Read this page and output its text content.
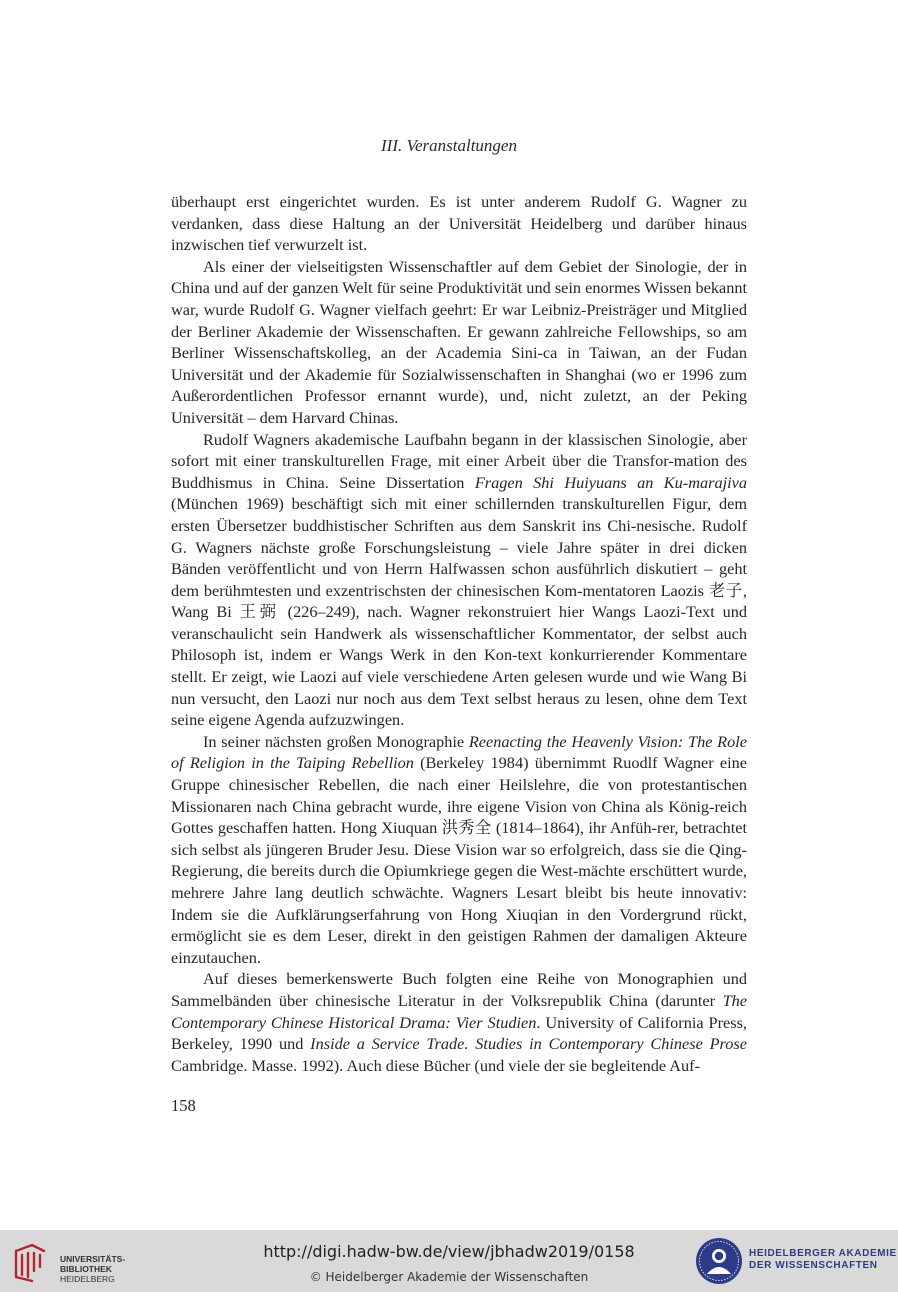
III. Veranstaltungen

überhaupt erst eingerichtet wurden. Es ist unter anderem Rudolf G. Wagner zu verdanken, dass diese Haltung an der Universität Heidelberg und darüber hinaus inzwischen tief verwurzelt ist.

Als einer der vielseitigsten Wissenschaftler auf dem Gebiet der Sinologie, der in China und auf der ganzen Welt für seine Produktivität und sein enormes Wissen bekannt war, wurde Rudolf G. Wagner vielfach geehrt: Er war Leibniz-Preisträger und Mitglied der Berliner Akademie der Wissenschaften. Er gewann zahlreiche Fellowships, so am Berliner Wissenschaftskolleg, an der Academia Sini-ca in Taiwan, an der Fudan Universität und der Akademie für Sozialwissenschaften in Shanghai (wo er 1996 zum Außerordentlichen Professor ernannt wurde), und, nicht zuletzt, an der Peking Universität – dem Harvard Chinas.

Rudolf Wagners akademische Laufbahn begann in der klassischen Sinologie, aber sofort mit einer transkulturellen Frage, mit einer Arbeit über die Transfor-mation des Buddhismus in China. Seine Dissertation Fragen Shi Huiyuans an Ku-marajiva (München 1969) beschäftigt sich mit einer schillernden transkulturellen Figur, dem ersten Übersetzer buddhistischer Schriften aus dem Sanskrit ins Chi-nesische. Rudolf G. Wagners nächste große Forschungsleistung – viele Jahre später in drei dicken Bänden veröffentlicht und von Herrn Halfwassen schon ausführlich diskutiert – geht dem berühmtesten und exzentrischsten der chinesischen Kom-mentatoren Laozis 老子, Wang Bi 王弼 (226–249), nach. Wagner rekonstruiert hier Wangs Laozi-Text und veranschaulicht sein Handwerk als wissenschaftlicher Kommentator, der selbst auch Philosoph ist, indem er Wangs Werk in den Kon-text konkurrierender Kommentare stellt. Er zeigt, wie Laozi auf viele verschiedene Arten gelesen wurde und wie Wang Bi nun versucht, den Laozi nur noch aus dem Text selbst heraus zu lesen, ohne dem Text seine eigene Agenda aufzuzwingen.

In seiner nächsten großen Monographie Reenacting the Heavenly Vision: The Role of Religion in the Taiping Rebellion (Berkeley 1984) übernimmt Ruodlf Wagner eine Gruppe chinesischer Rebellen, die nach einer Heilslehre, die von protestantischen Missionaren nach China gebracht wurde, ihre eigene Vision von China als König-reich Gottes geschaffen hatten. Hong Xiuquan 洪秀全 (1814–1864), ihr Anfüh-rer, betrachtet sich selbst als jüngeren Bruder Jesu. Diese Vision war so erfolgreich, dass sie die Qing-Regierung, die bereits durch die Opiumkriege gegen die West-mächte erschüttert wurde, mehrere Jahre lang deutlich schwächte. Wagners Lesart bleibt bis heute innovativ: Indem sie die Aufklärungserfahrung von Hong Xiuqian in den Vordergrund rückt, ermöglicht sie es dem Leser, direkt in den geistigen Rahmen der damaligen Akteure einzutauchen.

Auf dieses bemerkenswerte Buch folgten eine Reihe von Monographien und Sammelbänden über chinesische Literatur in der Volksrepublik China (darunter The Contemporary Chinese Historical Drama: Vier Studien. University of California Press, Berkeley, 1990 und Inside a Service Trade. Studies in Contemporary Chinese Prose Cambridge. Masse. 1992). Auch diese Bücher (und viele der sie begleitende Auf-

158
UNIVERSITÄTS-
BIBLIOTHEK
HEIDELBERG
http://digi.hadw-bw.de/view/jbhadw2019/0158
© Heidelberger Akademie der Wissenschaften
HEIDELBERGER AKADEMIE
DER WISSENSCHAFTEN
